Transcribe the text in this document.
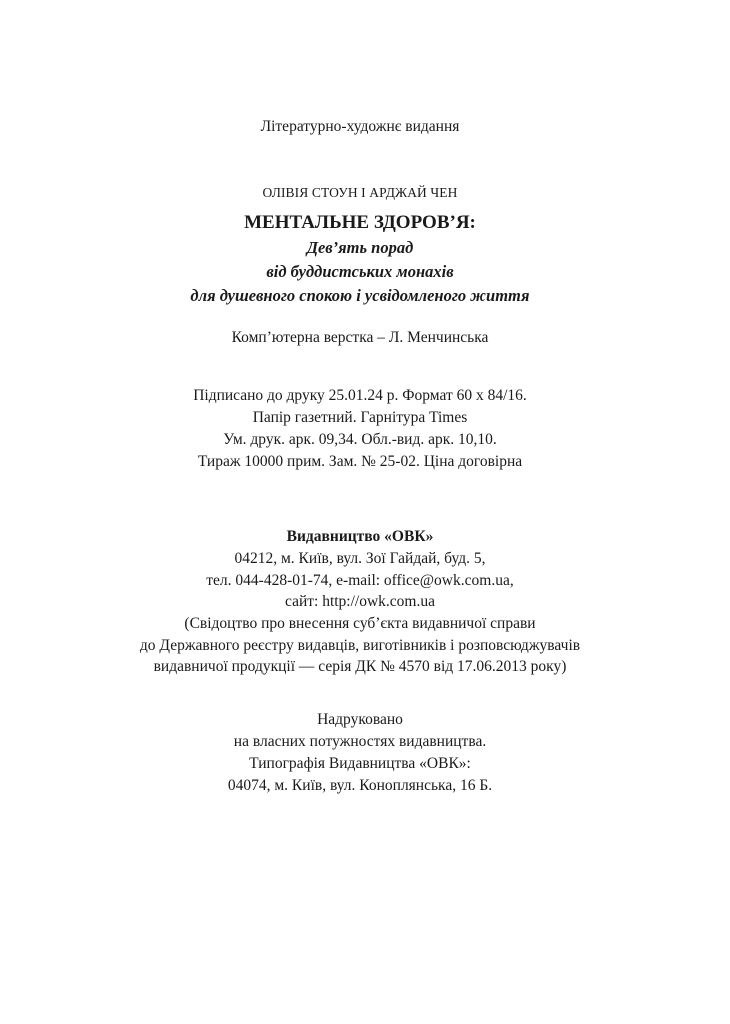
Літературно-художнє видання
ОЛІВІЯ СТОУН І АРДЖАЙ ЧЕН
МЕНТАЛЬНЕ ЗДОРОВ’Я:
Дев’ять порад
від буддистських монахів
для душевного спокою і усвідомленого життя
Комп’ютерна верстка – Л. Менчинська
Підписано до друку 25.01.24 р. Формат 60 х 84/16.
Папір газетний. Гарнітура Times
Ум. друк. арк. 09,34. Обл.-вид. арк. 10,10.
Тираж 10000 прим. Зам. № 25-02. Ціна договірна
Видавництво «ОВК»
04212, м. Київ, вул. Зої Гайдай, буд. 5,
тел. 044-428-01-74, e-mail: office@owk.com.ua,
сайт: http://owk.com.ua
(Свідоцтво про внесення суб’єкта видавничої справи
до Державного реєстру видавців, виготівників і розповсюджувачів
видавничої продукції — серія ДК № 4570 від 17.06.2013 року)
Надруковано
на власних потужностях видавництва.
Типографія Видавництва «ОВК»:
04074, м. Київ, вул. Коноплянська, 16 Б.
